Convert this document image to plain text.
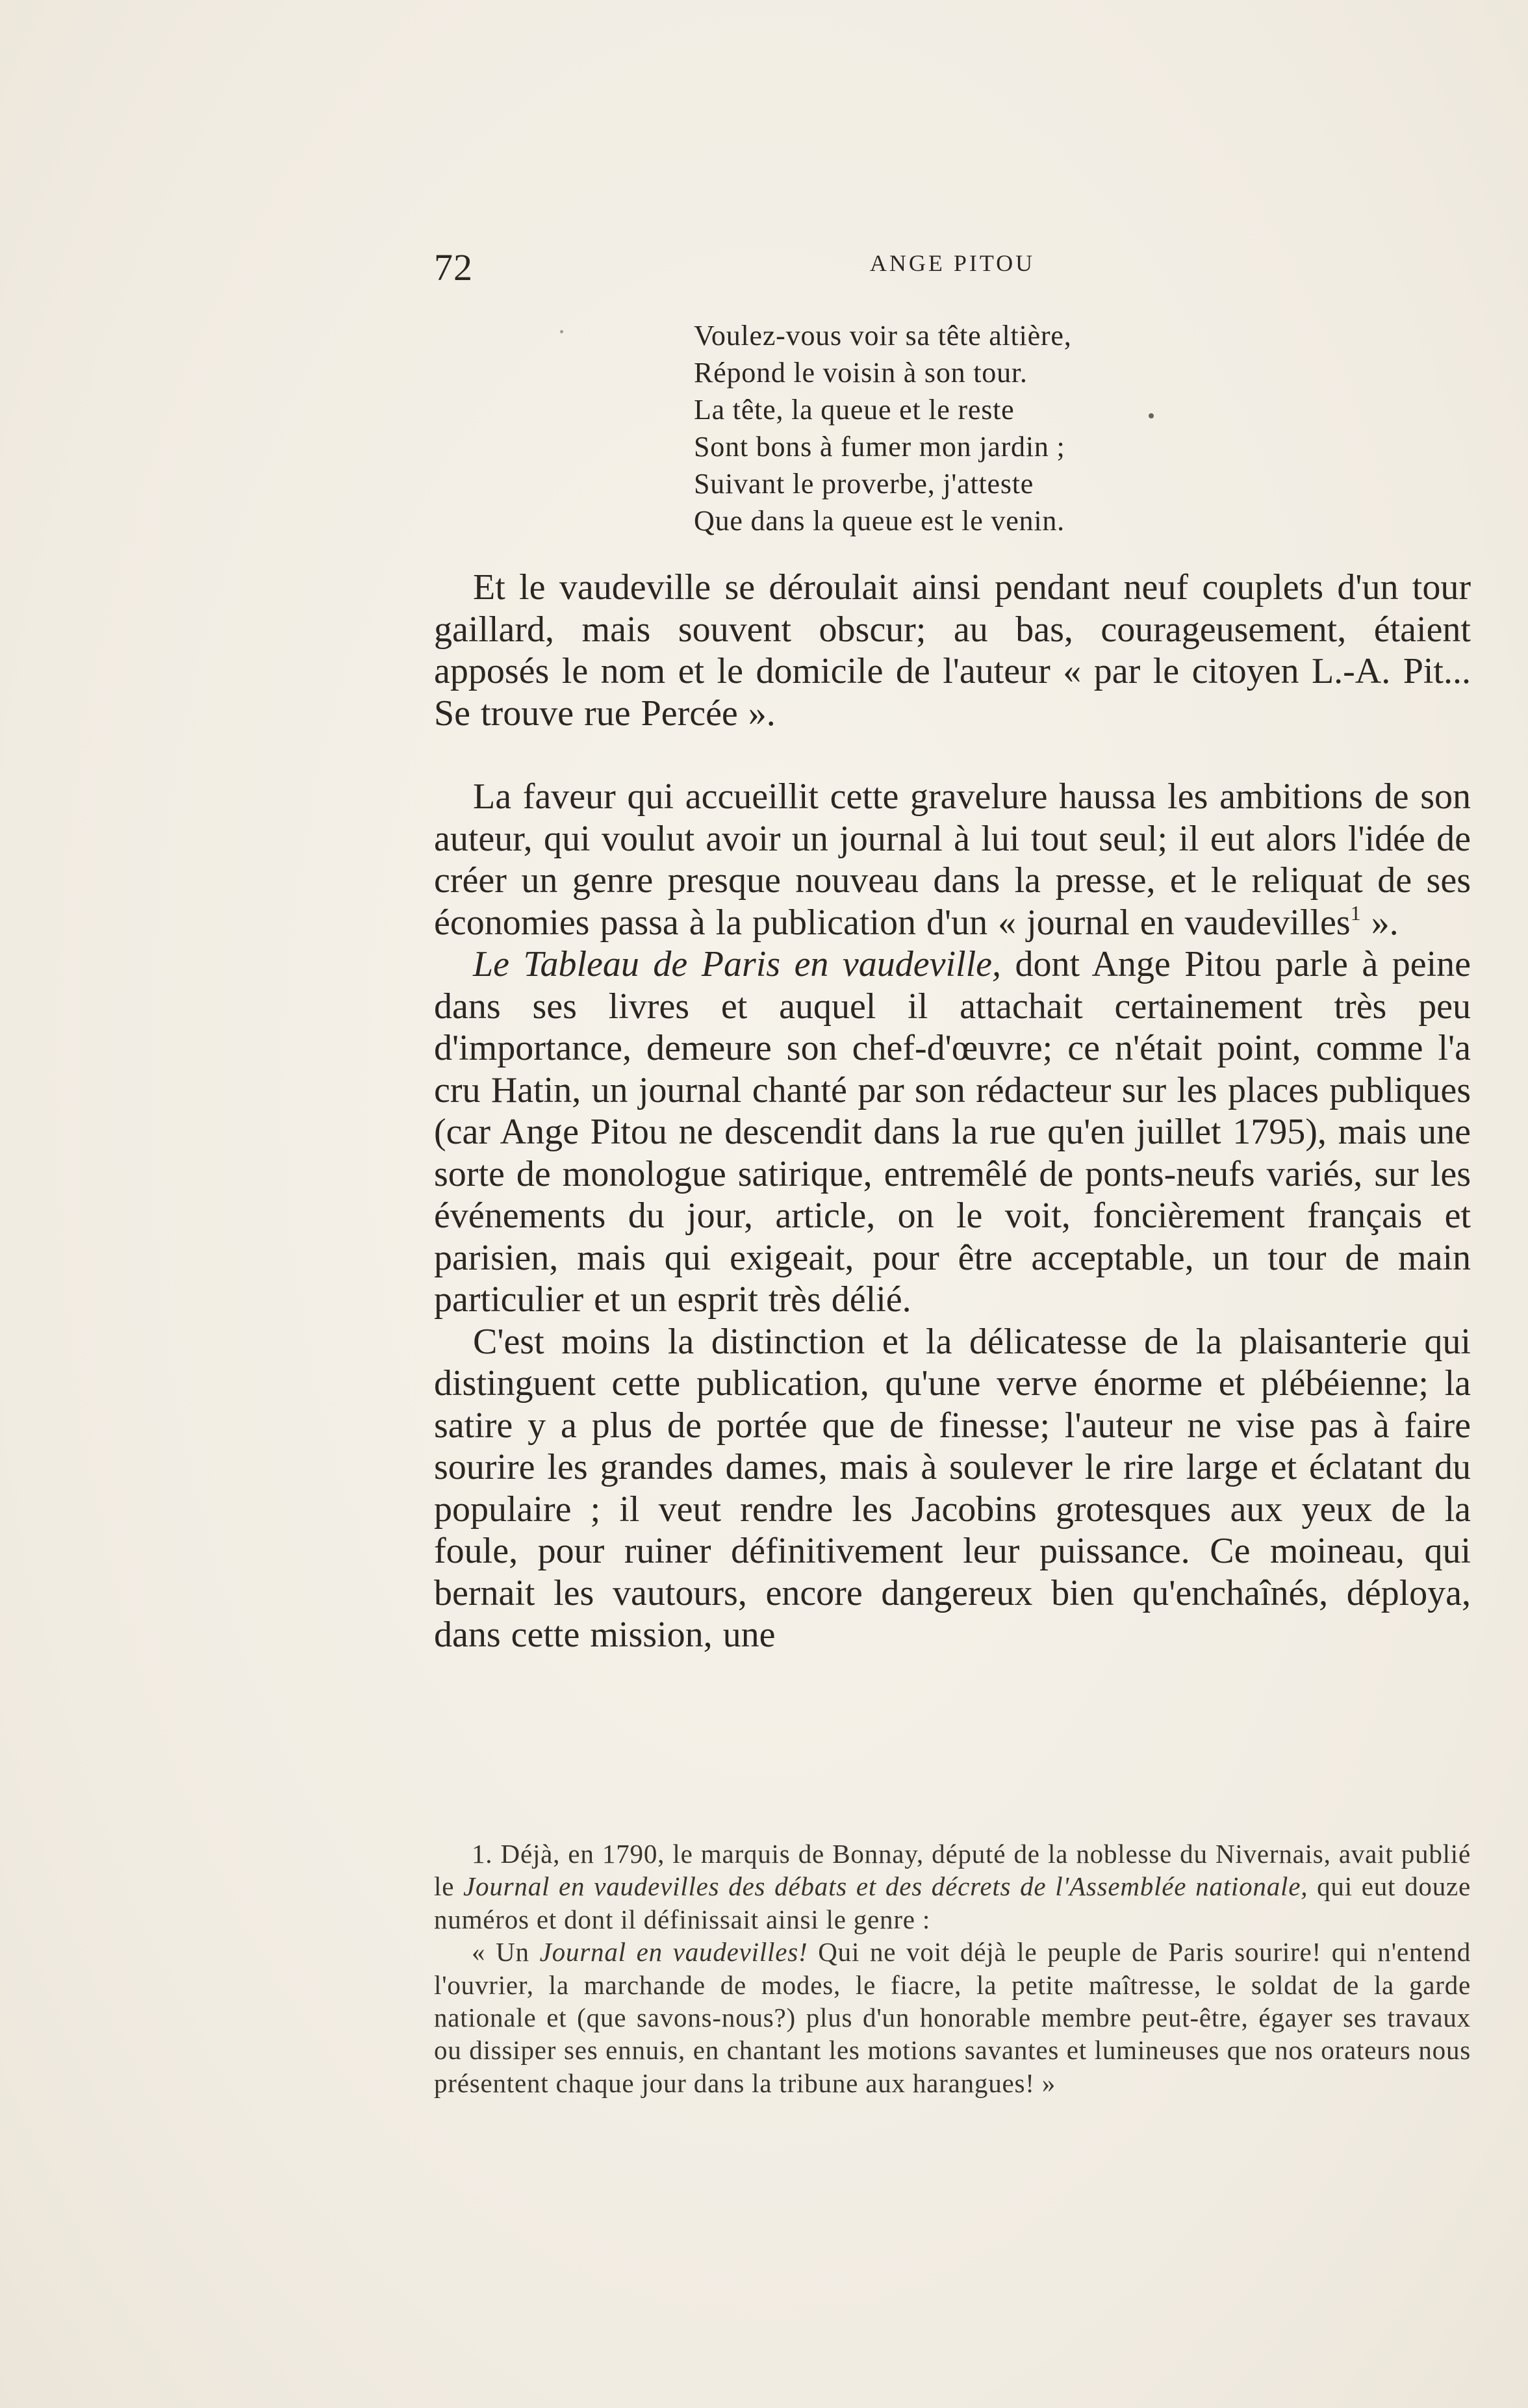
72	ANGE PITOU
Voulez-vous voir sa tête altière,
Répond le voisin à son tour.
La tête, la queue et le reste
Sont bons à fumer mon jardin ;
Suivant le proverbe, j'atteste
Que dans la queue est le venin.

Et le vaudeville se déroulait ainsi pendant neuf couplets d'un tour gaillard, mais souvent obscur; au bas, courageusement, étaient apposés le nom et le domicile de l'auteur « par le citoyen L.-A. Pit... Se trouve rue Percée ».

La faveur qui accueillit cette gravelure haussa les ambitions de son auteur, qui voulut avoir un journal à lui tout seul; il eut alors l'idée de créer un genre presque nouveau dans la presse, et le reliquat de ses économies passa à la publication d'un « journal en vaudevilles$^1$ ».

Le Tableau de Paris en vaudeville, dont Ange Pitou parle à peine dans ses livres et auquel il attachait certainement très peu d'importance, demeure son chef-d'œuvre; ce n'était point, comme l'a cru Hatin, un journal chanté par son rédacteur sur les places publiques (car Ange Pitou ne descendit dans la rue qu'en juillet 1795), mais une sorte de monologue satirique, entremêlé de ponts-neufs variés, sur les événements du jour, article, on le voit, foncièrement français et parisien, mais qui exigeait, pour être acceptable, un tour de main particulier et un esprit très délié.

C'est moins la distinction et la délicatesse de la plaisanterie qui distinguent cette publication, qu'une verve énorme et plébéienne; la satire y a plus de portée que de finesse; l'auteur ne vise pas à faire sourire les grandes dames, mais à soulever le rire large et éclatant du populaire ; il veut rendre les Jacobins grotesques aux yeux de la foule, pour ruiner définitivement leur puissance. Ce moineau, qui bernait les vautours, encore dangereux bien qu'enchaînés, déploya, dans cette mission, une

1. Déjà, en 1790, le marquis de Bonnay, député de la noblesse du Nivernais, avait publié le Journal en vaudevilles des débats et des décrets de l'Assemblée nationale, qui eut douze numéros et dont il définissait ainsi le genre :

« Un Journal en vaudevilles! Qui ne voit déjà le peuple de Paris sourire! qui n'entend l'ouvrier, la marchande de modes, le fiacre, la petite maîtresse, le soldat de la garde nationale et (que savons-nous?) plus d'un honorable membre peut-être, égayer ses travaux ou dissiper ses ennuis, en chantant les motions savantes et lumineuses que nos orateurs nous présentent chaque jour dans la tribune aux harangues! »
